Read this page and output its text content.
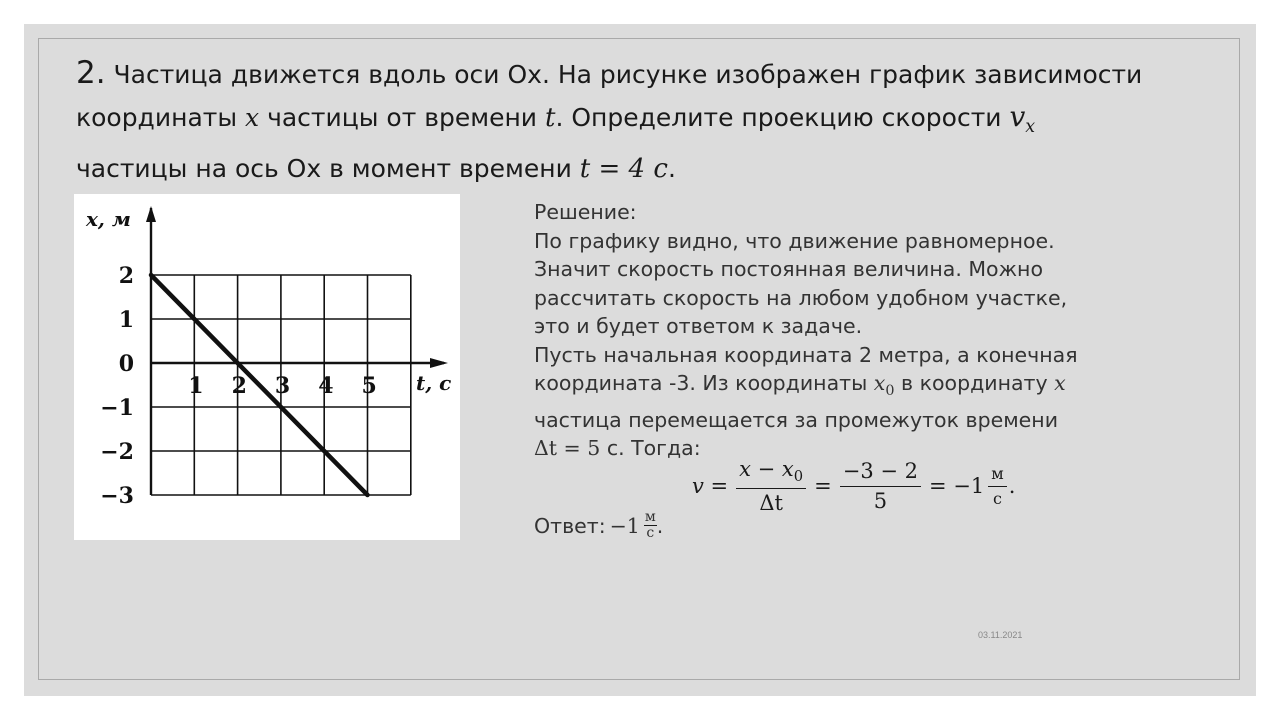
2. Частица движется вдоль оси Ох. На рисунке изображен график зависимости
координаты x частицы от времени t. Определите проекцию скорости $v_x$
частицы на ось Ох в момент времени t = 4 c.
x, м
t, с
1 2 3 4 5
2
1
0
−1
−2
−3
Решение:
По графику видно, что движение равномерное.
Значит скорость постоянная величина. Можно
рассчитать скорость на любом удобном участке,
это и будет ответом к задаче.
Пусть начальная координата 2 метра, а конечная
координата -3. Из координаты $x_0$ в координату x
частица перемещается за промежуток времени
Δt = 5 с. Тогда:
$v = \frac{x - x_0}{\Delta t} = \frac{-3 - 2}{5} = -1 \frac{м}{с}$ .
Ответ: $-1 \frac{м}{с}$ .
03.11.2021
